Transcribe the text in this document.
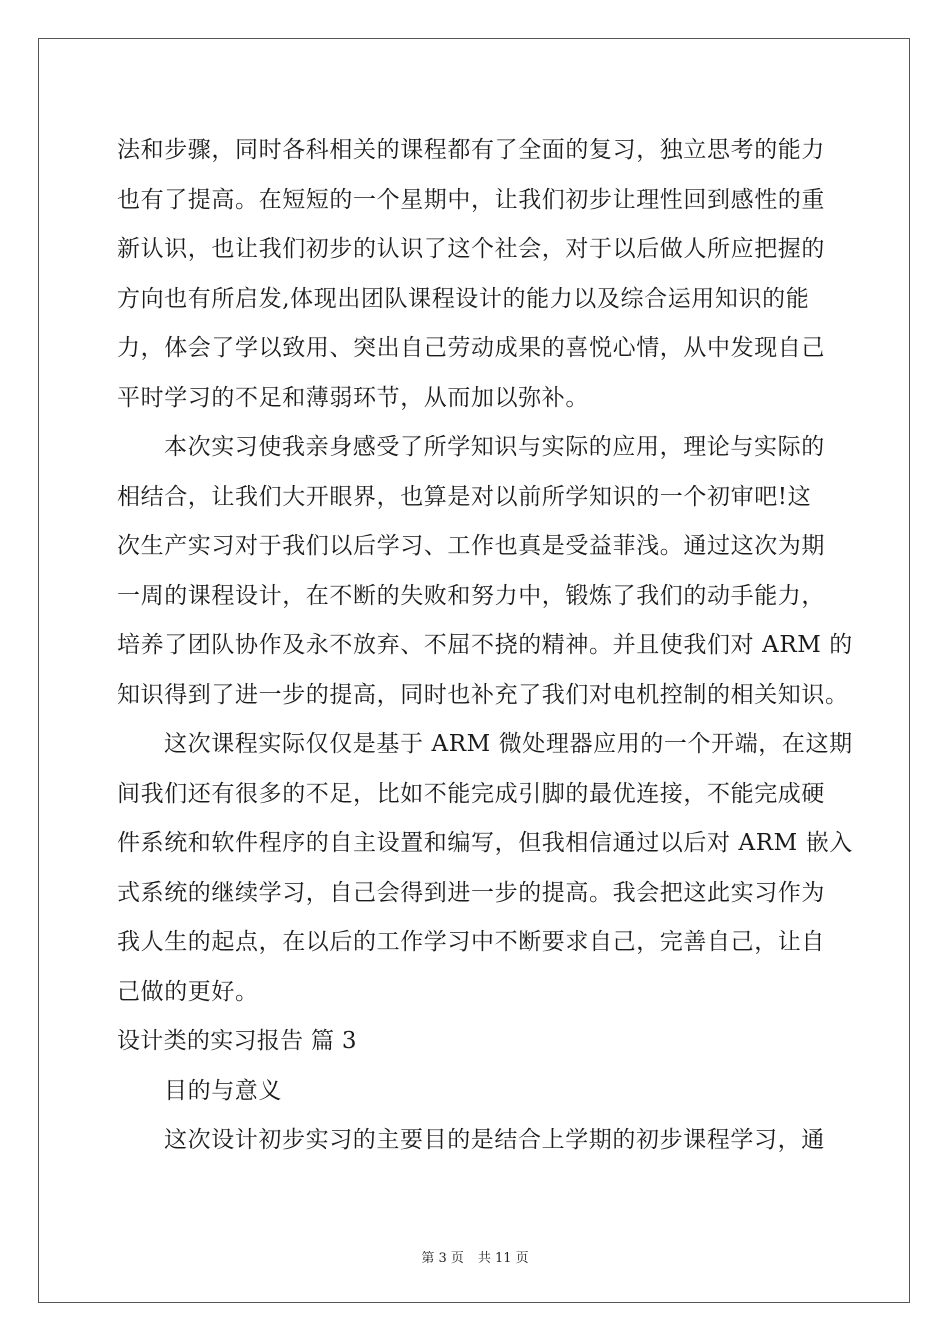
法和步骤，同时各科相关的课程都有了全面的复习，独立思考的能力
也有了提高。在短短的一个星期中，让我们初步让理性回到感性的重
新认识，也让我们初步的认识了这个社会，对于以后做人所应把握的
方向也有所启发,体现出团队课程设计的能力以及综合运用知识的能
力，体会了学以致用、突出自己劳动成果的喜悦心情，从中发现自己
平时学习的不足和薄弱环节，从而加以弥补。
本次实习使我亲身感受了所学知识与实际的应用，理论与实际的
相结合，让我们大开眼界，也算是对以前所学知识的一个初审吧!这
次生产实习对于我们以后学习、工作也真是受益菲浅。通过这次为期
一周的课程设计，在不断的失败和努力中，锻炼了我们的动手能力，
培养了团队协作及永不放弃、不屈不挠的精神。并且使我们对 ARM 的
知识得到了进一步的提高，同时也补充了我们对电机控制的相关知识。
这次课程实际仅仅是基于 ARM 微处理器应用的一个开端，在这期
间我们还有很多的不足，比如不能完成引脚的最优连接，不能完成硬
件系统和软件程序的自主设置和编写，但我相信通过以后对 ARM 嵌入
式系统的继续学习，自己会得到进一步的提高。我会把这此实习作为
我人生的起点，在以后的工作学习中不断要求自己，完善自己，让自
己做的更好。
设计类的实习报告 篇 3
目的与意义
这次设计初步实习的主要目的是结合上学期的初步课程学习，通
第 3 页 共 11 页
